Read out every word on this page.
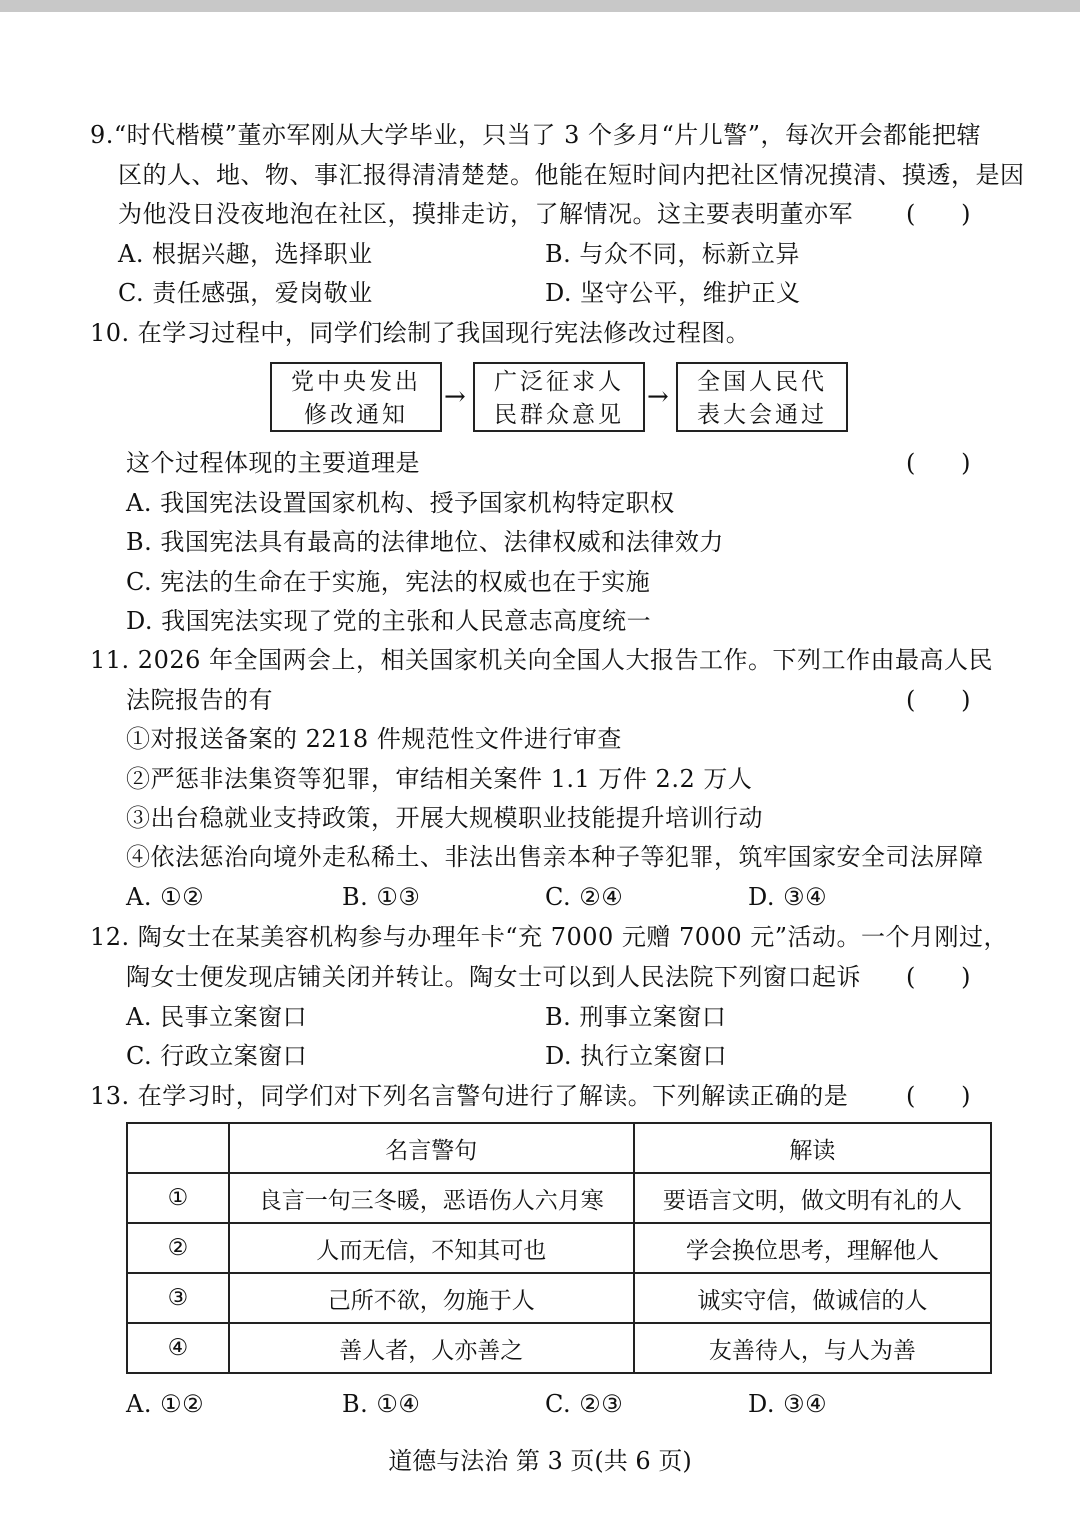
9.“时代楷模”董亦军刚从大学毕业，只当了 3 个多月“片儿警”，每次开会都能把辖
区的人、地、物、事汇报得清清楚楚。他能在短时间内把社区情况摸清、摸透，是因
为他没日没夜地泡在社区，摸排走访，了解情况。这主要表明董亦军 (      )
A. 根据兴趣，选择职业	B. 与众不同，标新立异
C. 责任感强，爱岗敬业	D. 坚守公平，维护正义
10. 在学习过程中，同学们绘制了我国现行宪法修改过程图。
党中央发出
修改通知
→	广泛征求人
民群众意见
→	全国人民代
表大会通过
这个过程体现的主要道理是	(      )
A. 我国宪法设置国家机构、授予国家机构特定职权
B. 我国宪法具有最高的法律地位、法律权威和法律效力
C. 宪法的生命在于实施，宪法的权威也在于实施
D. 我国宪法实现了党的主张和人民意志高度统一
11. 2026 年全国两会上，相关国家机关向全国人大报告工作。下列工作由最高人民
法院报告的有	(      )
①对报送备案的 2218 件规范性文件进行审查
②严惩非法集资等犯罪，审结相关案件 1.1 万件 2.2 万人
③出台稳就业支持政策，开展大规模职业技能提升培训行动
④依法惩治向境外走私稀土、非法出售亲本种子等犯罪，筑牢国家安全司法屏障
A. ①②	B. ①③	C. ②④	D. ③④
12. 陶女士在某美容机构参与办理年卡“充 7000 元赠 7000 元”活动。一个月刚过，
陶女士便发现店铺关闭并转让。陶女士可以到人民法院下列窗口起诉 (      )
A. 民事立案窗口	B. 刑事立案窗口
C. 行政立案窗口	D. 执行立案窗口
13. 在学习时，同学们对下列名言警句进行了解读。下列解读正确的是 (      )
	名言警句	解读
①	良言一句三冬暖，恶语伤人六月寒	要语言文明，做文明有礼的人
②	人而无信，不知其可也	学会换位思考，理解他人
③	己所不欲，勿施于人	诚实守信，做诚信的人
④	善人者，人亦善之	友善待人，与人为善
A. ①②	B. ①④	C. ②③	D. ③④
道德与法治 第 3 页(共 6 页)
